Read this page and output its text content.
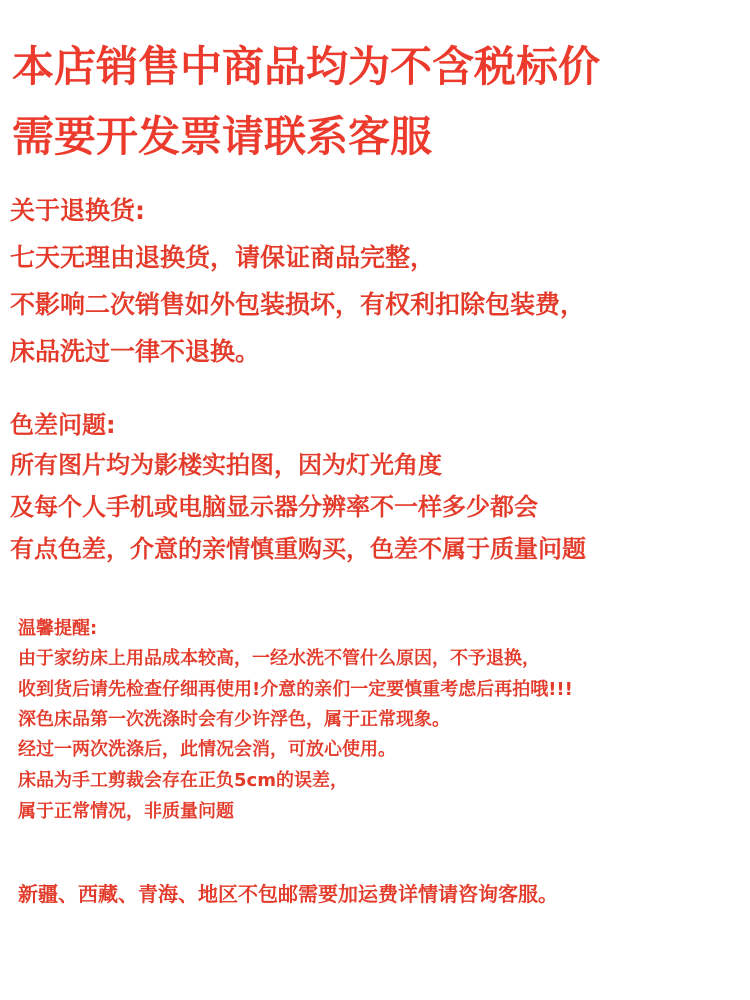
本店销售中商品均为不含税标价
需要开发票请联系客服
关于退换货:
七天无理由退换货，请保证商品完整，
不影响二次销售如外包装损坏，有权利扣除包装费，
床品洗过一律不退换。
色差问题:
所有图片均为影楼实拍图，因为灯光角度
及每个人手机或电脑显示器分辨率不一样多少都会
有点色差，介意的亲情慎重购买，色差不属于质量问题
温馨提醒:
由于家纺床上用品成本较高，一经水洗不管什么原因，不予退换，
收到货后请先检查仔细再使用!介意的亲们一定要慎重考虑后再拍哦!!!
深色床品第一次洗涤时会有少许浮色，属于正常现象。
经过一两次洗涤后，此情况会消，可放心使用。
床品为手工剪裁会存在正负5cm的误差，
属于正常情况，非质量问题
新疆、西藏、青海、地区不包邮需要加运费详情请咨询客服。
